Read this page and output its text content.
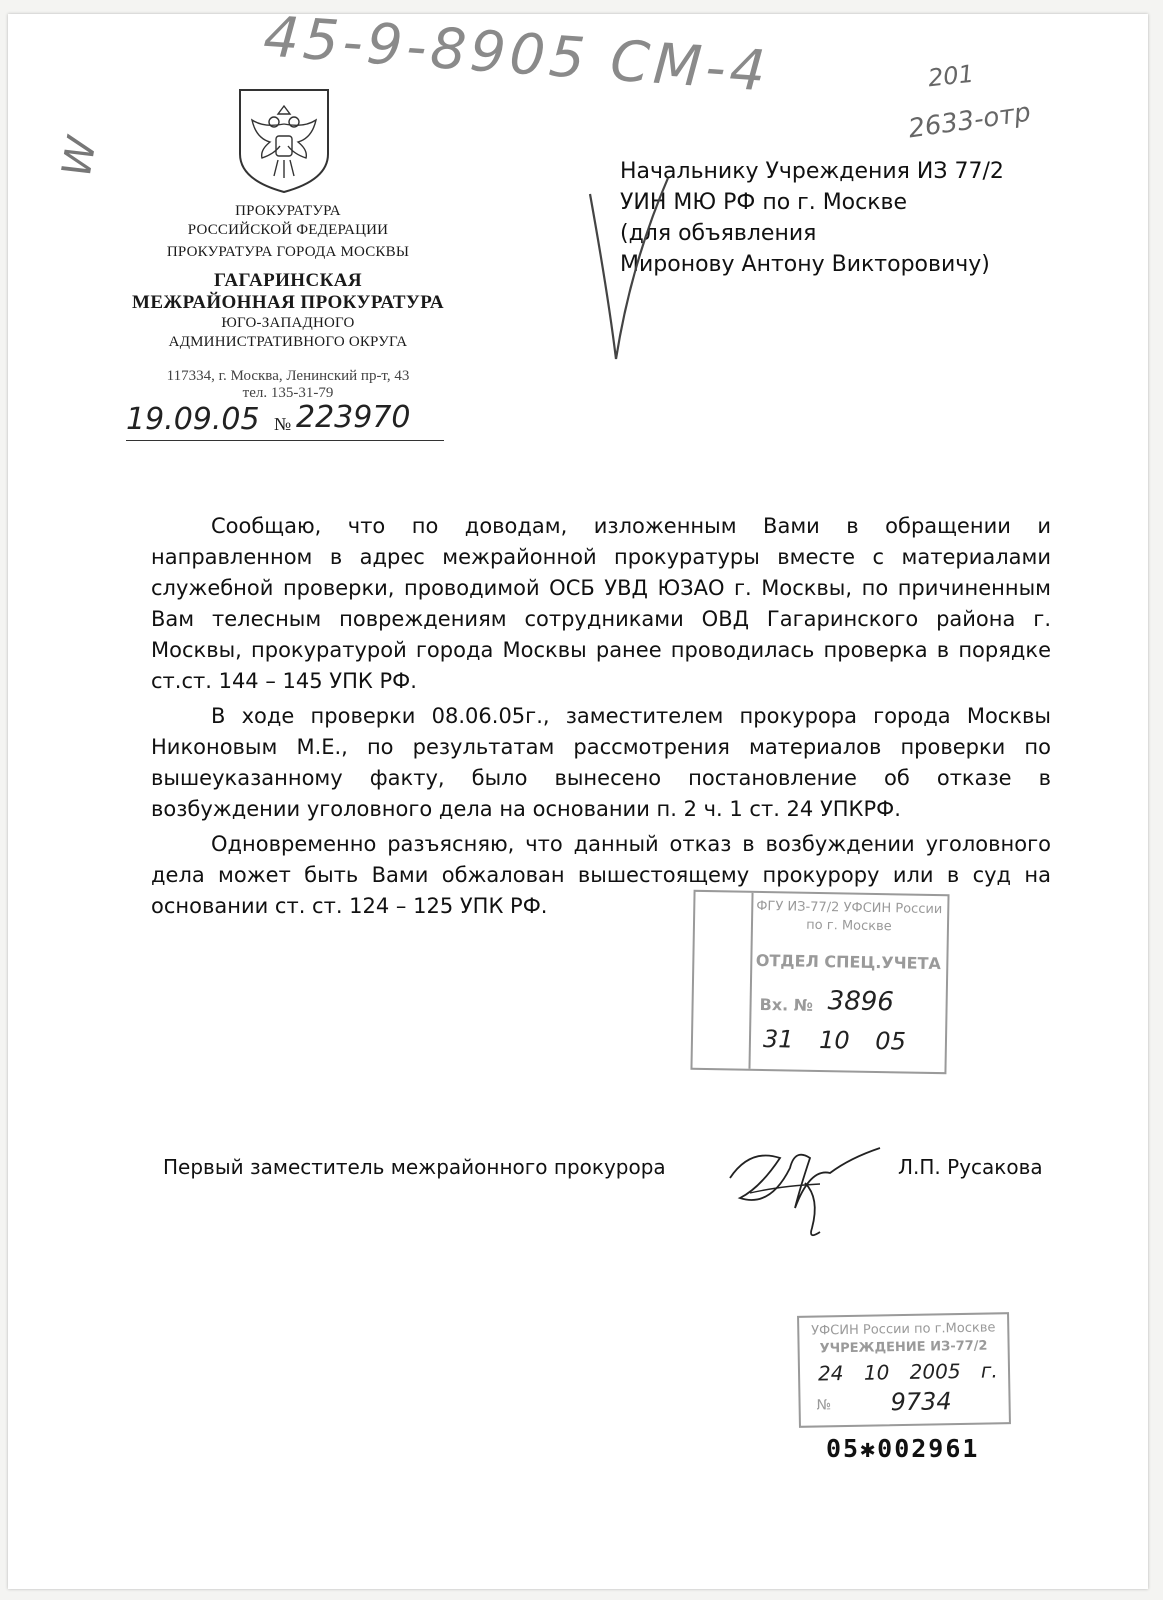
45-9-8905 СМ-4	201
2633-отр
W
ПРОКУРАТУРА
РОССИЙСКОЙ ФЕДЕРАЦИИ
ПРОКУРАТУРА ГОРОДА МОСКВЫ
ГАГАРИНСКАЯ
МЕЖРАЙОННАЯ ПРОКУРАТУРА
ЮГО-ЗАПАДНОГО
АДМИНИСТРАТИВНОГО ОКРУГА
117334, г. Москва, Ленинский пр-т, 43
тел. 135-31-79
19.09.05 № 223970
Начальнику Учреждения ИЗ 77/2
УИН МЮ РФ по г. Москве
(для объявления
Миронову Антону Викторовичу)

Сообщаю, что по доводам, изложенным Вами в обращении и направленном в адрес межрайонной прокуратуры вместе с материалами служебной проверки, проводимой ОСБ УВД ЮЗАО г. Москвы, по причиненным Вам телесным повреждениям сотрудниками ОВД Гагаринского района г. Москвы, прокуратурой города Москвы ранее проводилась проверка в порядке ст.ст. 144 – 145 УПК РФ.

В ходе проверки 08.06.05г., заместителем прокурора города Москвы Никоновым М.Е., по результатам рассмотрения материалов проверки по вышеуказанному факту, было вынесено постановление об отказе в возбуждении уголовного дела на основании п. 2 ч. 1 ст. 24 УПКРФ.

Одновременно разъясняю, что данный отказ в возбуждении уголовного дела может быть Вами обжалован вышестоящему прокурору или в суд на основании ст. ст. 124 – 125 УПК РФ.	ФГУ ИЗ-77/2 УФСИН России
по г. Москве
ОТДЕЛ СПЕЦ.УЧЕТА
Вх. № 3896
31 10 05
Первый заместитель межрайонного прокурора	Л.П. Русакова
УФСИН России по г.Москве
УЧРЕЖДЕНИЕ ИЗ-77/2
24 10 2005 г.
№ 9734
05✱002961
